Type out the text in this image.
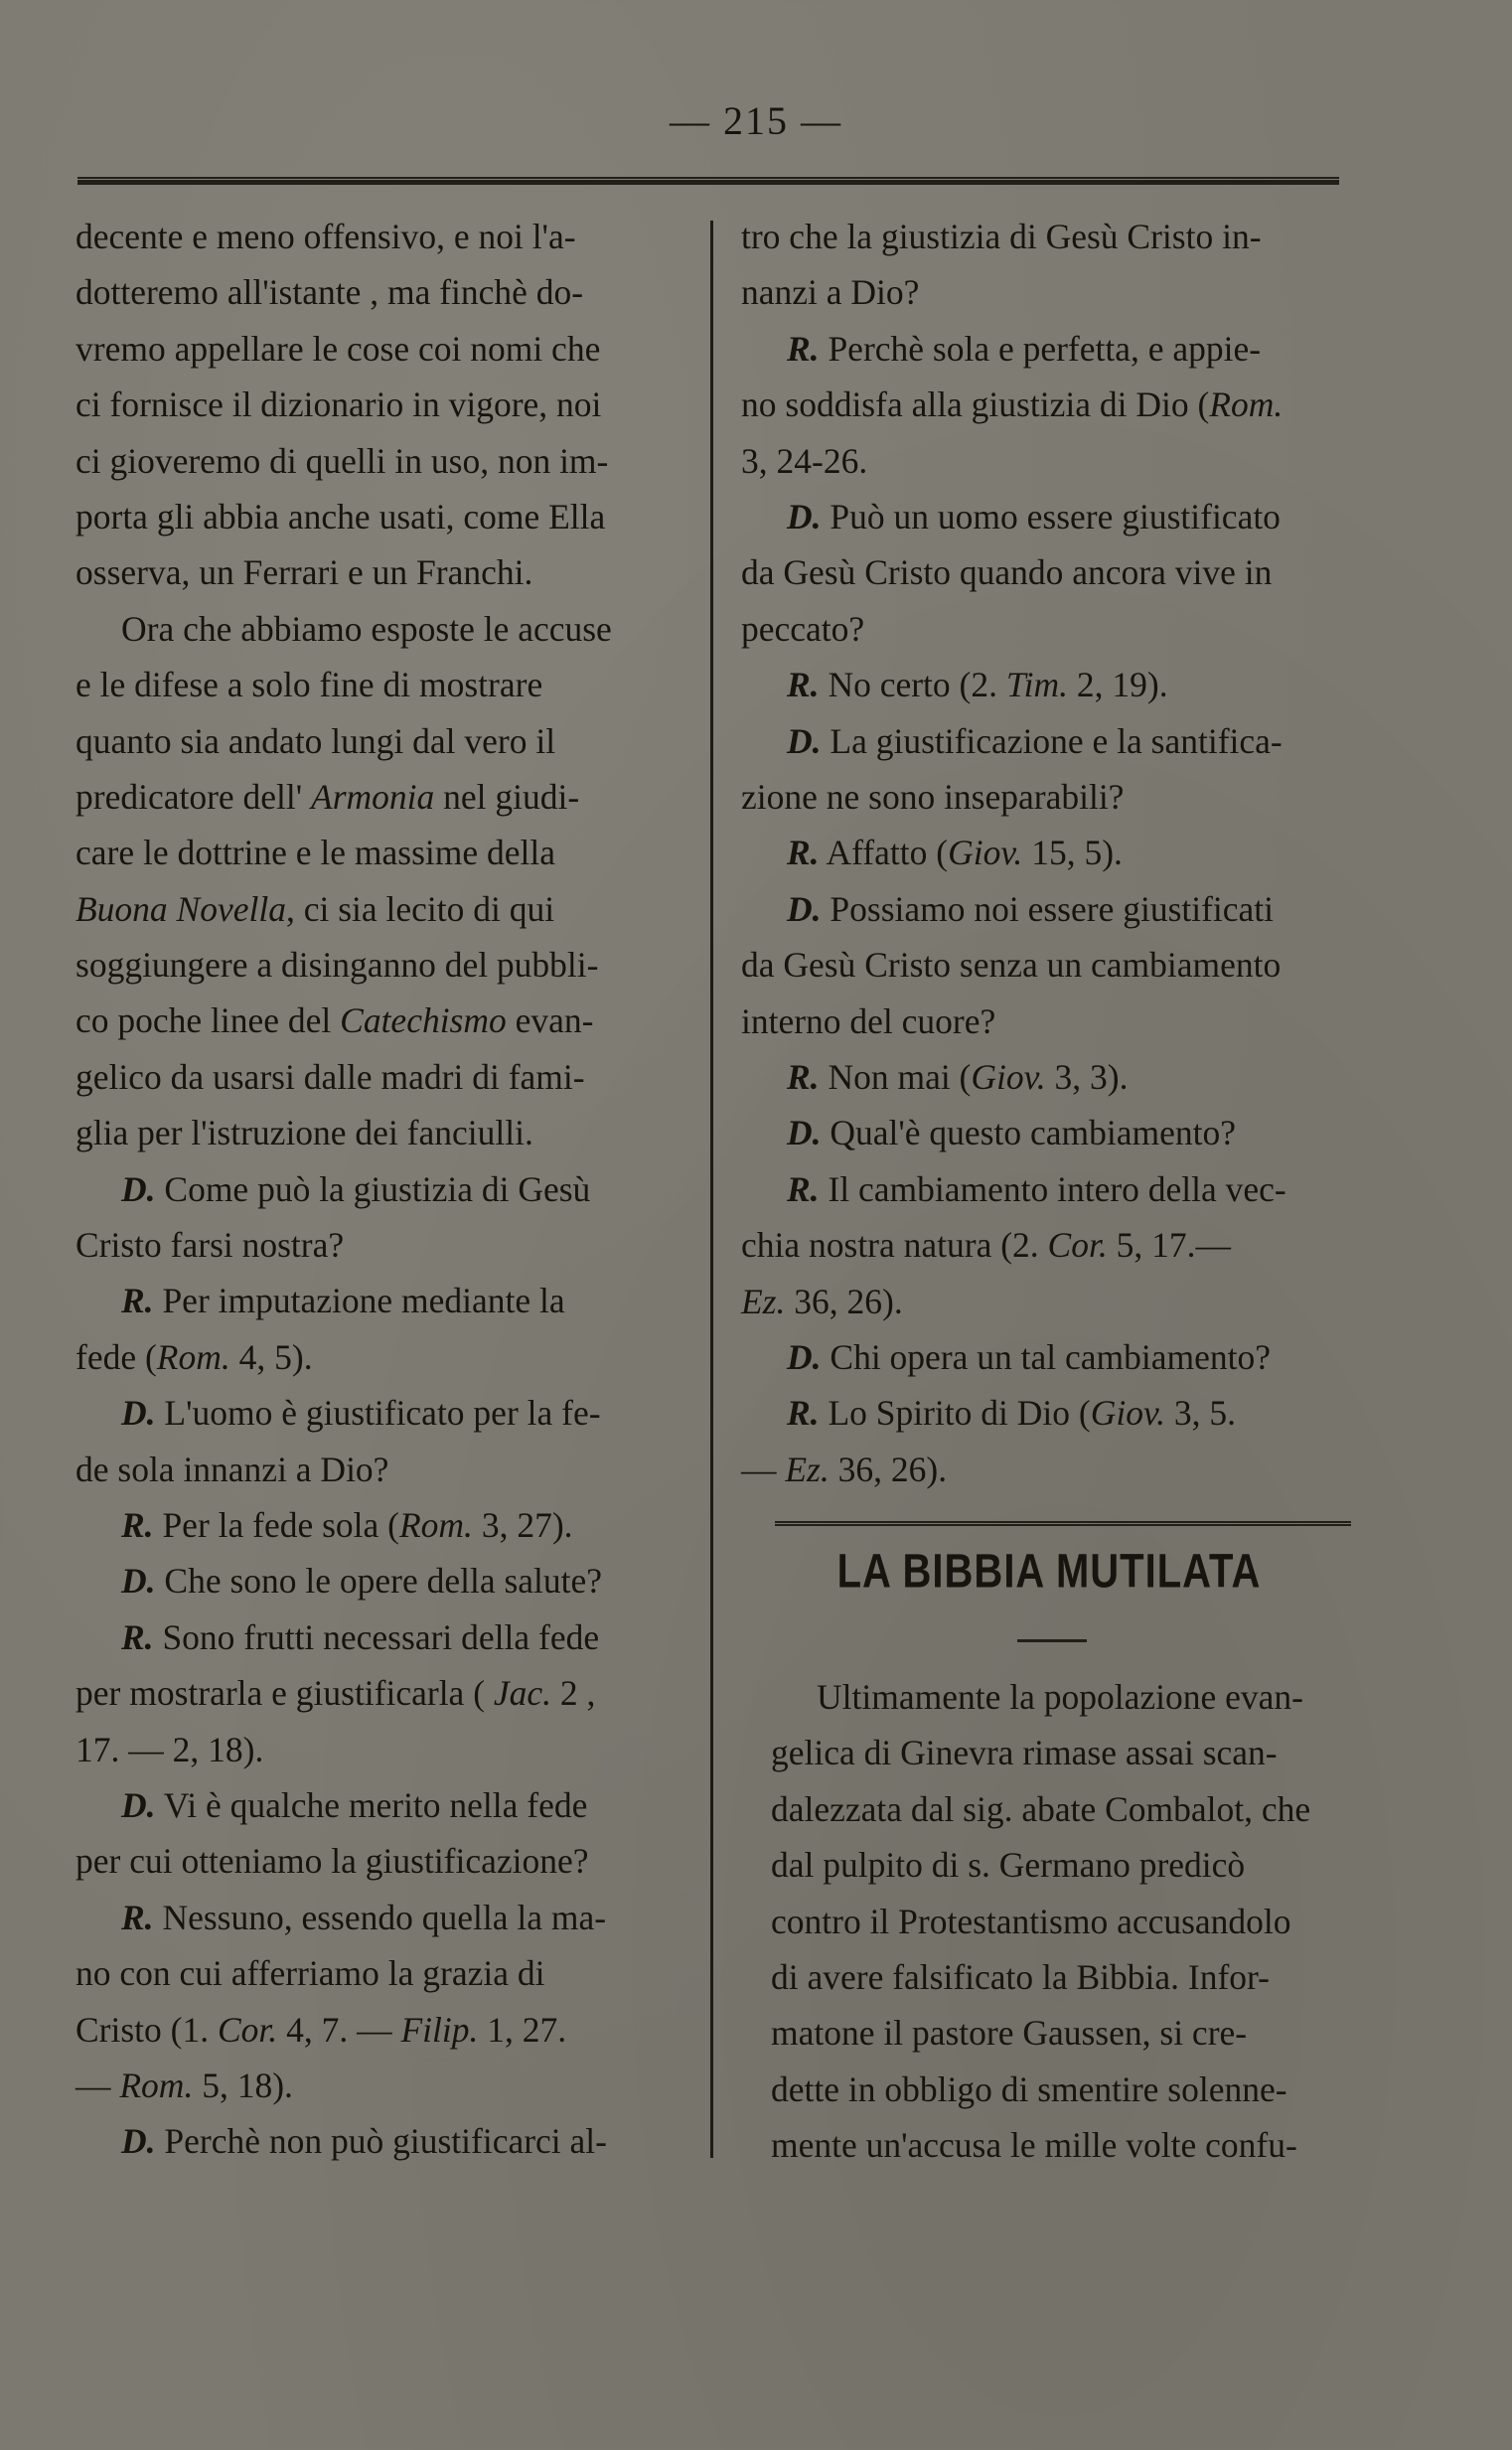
— 215 —
decente e meno offensivo, e noi l'a-
dotteremo all'istante , ma finchè do-
vremo appellare le cose coi nomi che
ci fornisce il dizionario in vigore, noi
ci gioveremo di quelli in uso, non im-
porta gli abbia anche usati, come Ella
osserva, un Ferrari e un Franchi.
Ora che abbiamo esposte le accuse
e le difese a solo fine di mostrare
quanto sia andato lungi dal vero il
predicatore dell' Armonia nel giudi-
care le dottrine e le massime della
Buona Novella, ci sia lecito di qui
soggiungere a disinganno del pubbli-
co poche linee del Catechismo evan-
gelico da usarsi dalle madri di fami-
glia per l'istruzione dei fanciulli.
D. Come può la giustizia di Gesù
Cristo farsi nostra?
R. Per imputazione mediante la
fede (Rom. 4, 5).
D. L'uomo è giustificato per la fe-
de sola innanzi a Dio?
R. Per la fede sola (Rom. 3, 27).
D. Che sono le opere della salute?
R. Sono frutti necessari della fede
per mostrarla e giustificarla ( Jac. 2 ,
17. — 2, 18).
D. Vi è qualche merito nella fede
per cui otteniamo la giustificazione?
R. Nessuno, essendo quella la ma-
no con cui afferriamo la grazia di
Cristo (1. Cor. 4, 7. — Filip. 1, 27.
— Rom. 5, 18).
D. Perchè non può giustificarci al-
tro che la giustizia di Gesù Cristo in-
nanzi a Dio?
R. Perchè sola e perfetta, e appie-
no soddisfa alla giustizia di Dio (Rom.
3, 24-26.
D. Può un uomo essere giustificato
da Gesù Cristo quando ancora vive in
peccato?
R. No certo (2. Tim. 2, 19).
D. La giustificazione e la santifica-
zione ne sono inseparabili?
R. Affatto (Giov. 15, 5).
D. Possiamo noi essere giustificati
da Gesù Cristo senza un cambiamento
interno del cuore?
R. Non mai (Giov. 3, 3).
D. Qual'è questo cambiamento?
R. Il cambiamento intero della vec-
chia nostra natura (2. Cor. 5, 17.—
Ez. 36, 26).
D. Chi opera un tal cambiamento?
R. Lo Spirito di Dio (Giov. 3, 5.
— Ez. 36, 26).
LA BIBBIA MUTILATA
Ultimamente la popolazione evan-
gelica di Ginevra rimase assai scan-
dalezzata dal sig. abate Combalot, che
dal pulpito di s. Germano predicò
contro il Protestantismo accusandolo
di avere falsificato la Bibbia. Infor-
matone il pastore Gaussen, si cre-
dette in obbligo di smentire solenne-
mente un'accusa le mille volte confu-
